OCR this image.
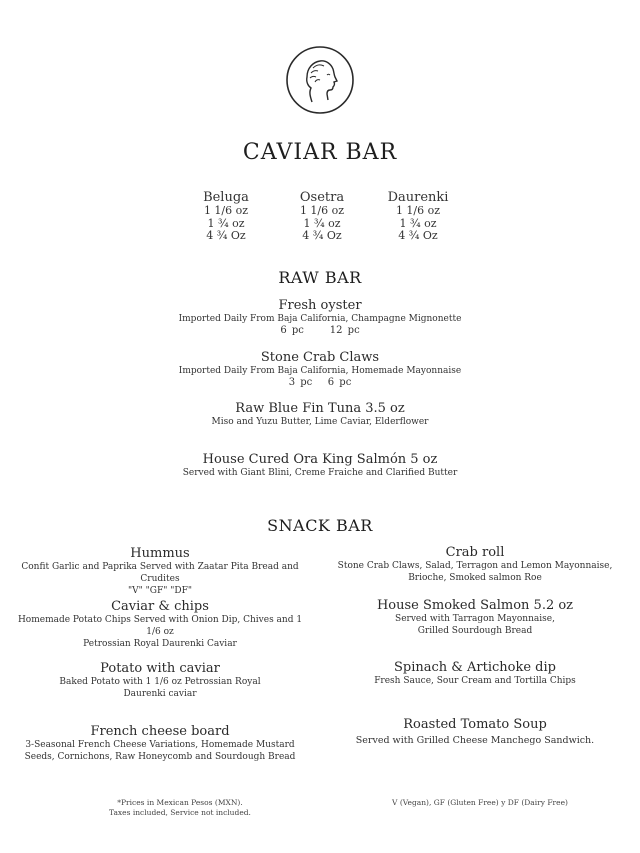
CAVIAR BAR
Beluga
1 1/6 oz
1 ¾ oz
4 ¾ Oz
Osetra
1 1/6 oz
1 ¾ oz
4 ¾ Oz
Daurenki
1 1/6 oz
1 ¾ oz
4 ¾ Oz
RAW BAR
Fresh oyster
Imported Daily From Baja California, Champagne Mignonette
6 pc     12 pc
Stone Crab Claws
Imported Daily From Baja California, Homemade Mayonnaise
3 pc   6 pc
Raw Blue Fin Tuna 3.5 oz
Miso and Yuzu Butter, Lime Caviar, Elderflower
House Cured Ora King Salmón 5 oz
Served with Giant Blini, Creme Fraiche and Clarified Butter
SNACK BAR
Hummus
Confit Garlic and Paprika Served with Zaatar Pita Bread and Crudites
"V" "GF" "DF"
Caviar & chips
Homemade Potato Chips Served with Onion Dip, Chives and 1 1/6 oz
Petrossian Royal Daurenki Caviar
Potato with caviar
Baked Potato with 1 1/6 oz Petrossian Royal
Daurenki caviar
French cheese board
3-Seasonal French Cheese Variations, Homemade Mustard
Seeds, Cornichons, Raw Honeycomb and Sourdough Bread
Crab roll
Stone Crab Claws, Salad, Terragon and Lemon Mayonnaise,
Brioche, Smoked salmon Roe
House Smoked Salmon 5.2 oz
Served with Tarragon Mayonnaise,
Grilled Sourdough Bread
Spinach & Artichoke dip
Fresh Sauce, Sour Cream and Tortilla Chips
Roasted Tomato Soup
Served with Grilled Cheese Manchego Sandwich.
*Prices in Mexican Pesos (MXN).
Taxes included, Service not included.
V (Vegan), GF (Gluten Free) y DF (Dairy Free)
